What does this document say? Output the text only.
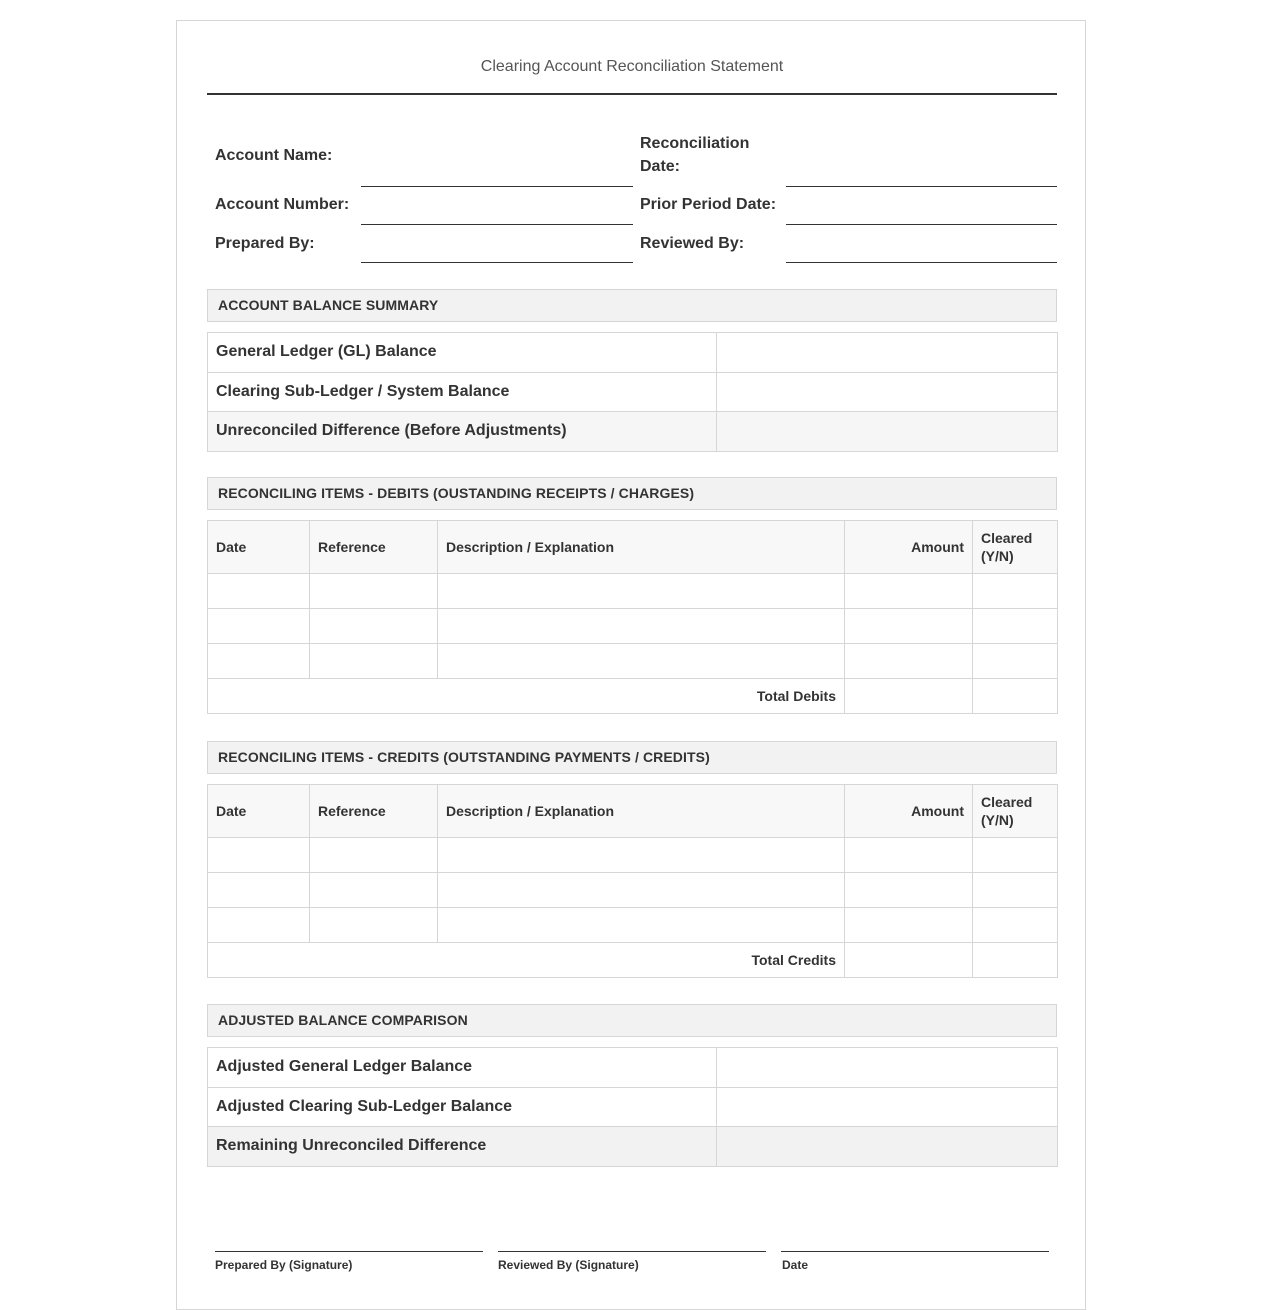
Clearing Account Reconciliation Statement
Account Name:
Reconciliation Date:
Account Number:	Prior Period Date:
Prepared By:	Reviewed By:
ACCOUNT BALANCE SUMMARY
General Ledger (GL) Balance	
Clearing Sub-Ledger / System Balance	
Unreconciled Difference (Before Adjustments)	
RECONCILING ITEMS - DEBITS (OUSTANDING RECEIPTS / CHARGES)
Date	Reference	Description / Explanation	Amount	Cleared (Y/N)

Total Debits				
RECONCILING ITEMS - CREDITS (OUTSTANDING PAYMENTS / CREDITS)
Date	Reference	Description / Explanation	Amount	Cleared (Y/N)

Total Credits				
ADJUSTED BALANCE COMPARISON
Adjusted General Ledger Balance	
Adjusted Clearing Sub-Ledger Balance	
Remaining Unreconciled Difference	
Prepared By (Signature)	Reviewed By (Signature)	Date
